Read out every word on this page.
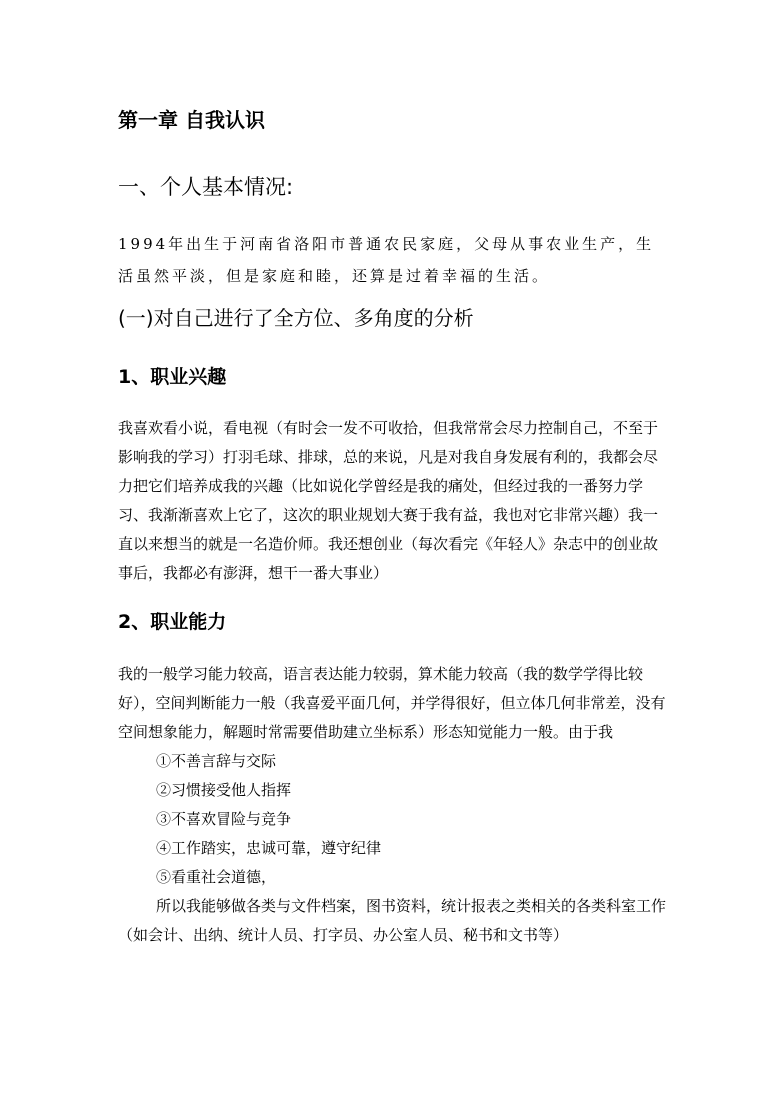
第一章 自我认识
一、个人基本情况:

1994年出生于河南省洛阳市普通农民家庭，父母从事农业生产，生活虽然平淡，但是家庭和睦，还算是过着幸福的生活。

(一)对自己进行了全方位、多角度的分析
1、职业兴趣

我喜欢看小说，看电视（有时会一发不可收拾，但我常常会尽力控制自己，不至于影响我的学习）打羽毛球、排球，总的来说，凡是对我自身发展有利的，我都会尽力把它们培养成我的兴趣（比如说化学曾经是我的痛处，但经过我的一番努力学习、我渐渐喜欢上它了，这次的职业规划大赛于我有益，我也对它非常兴趣）我一直以来想当的就是一名造价师。我还想创业（每次看完《年轻人》杂志中的创业故事后，我都必有澎湃，想干一番大事业）

2、职业能力

我的一般学习能力较高，语言表达能力较弱，算术能力较高（我的数学学得比较好），空间判断能力一般（我喜爱平面几何，并学得很好，但立体几何非常差，没有空间想象能力，解题时常需要借助建立坐标系）形态知觉能力一般。由于我

①不善言辞与交际
②习惯接受他人指挥
③不喜欢冒险与竞争
④工作踏实，忠诚可靠，遵守纪律
⑤看重社会道德，

所以我能够做各类与文件档案，图书资料，统计报表之类相关的各类科室工作（如会计、出纳、统计人员、打字员、办公室人员、秘书和文书等）
